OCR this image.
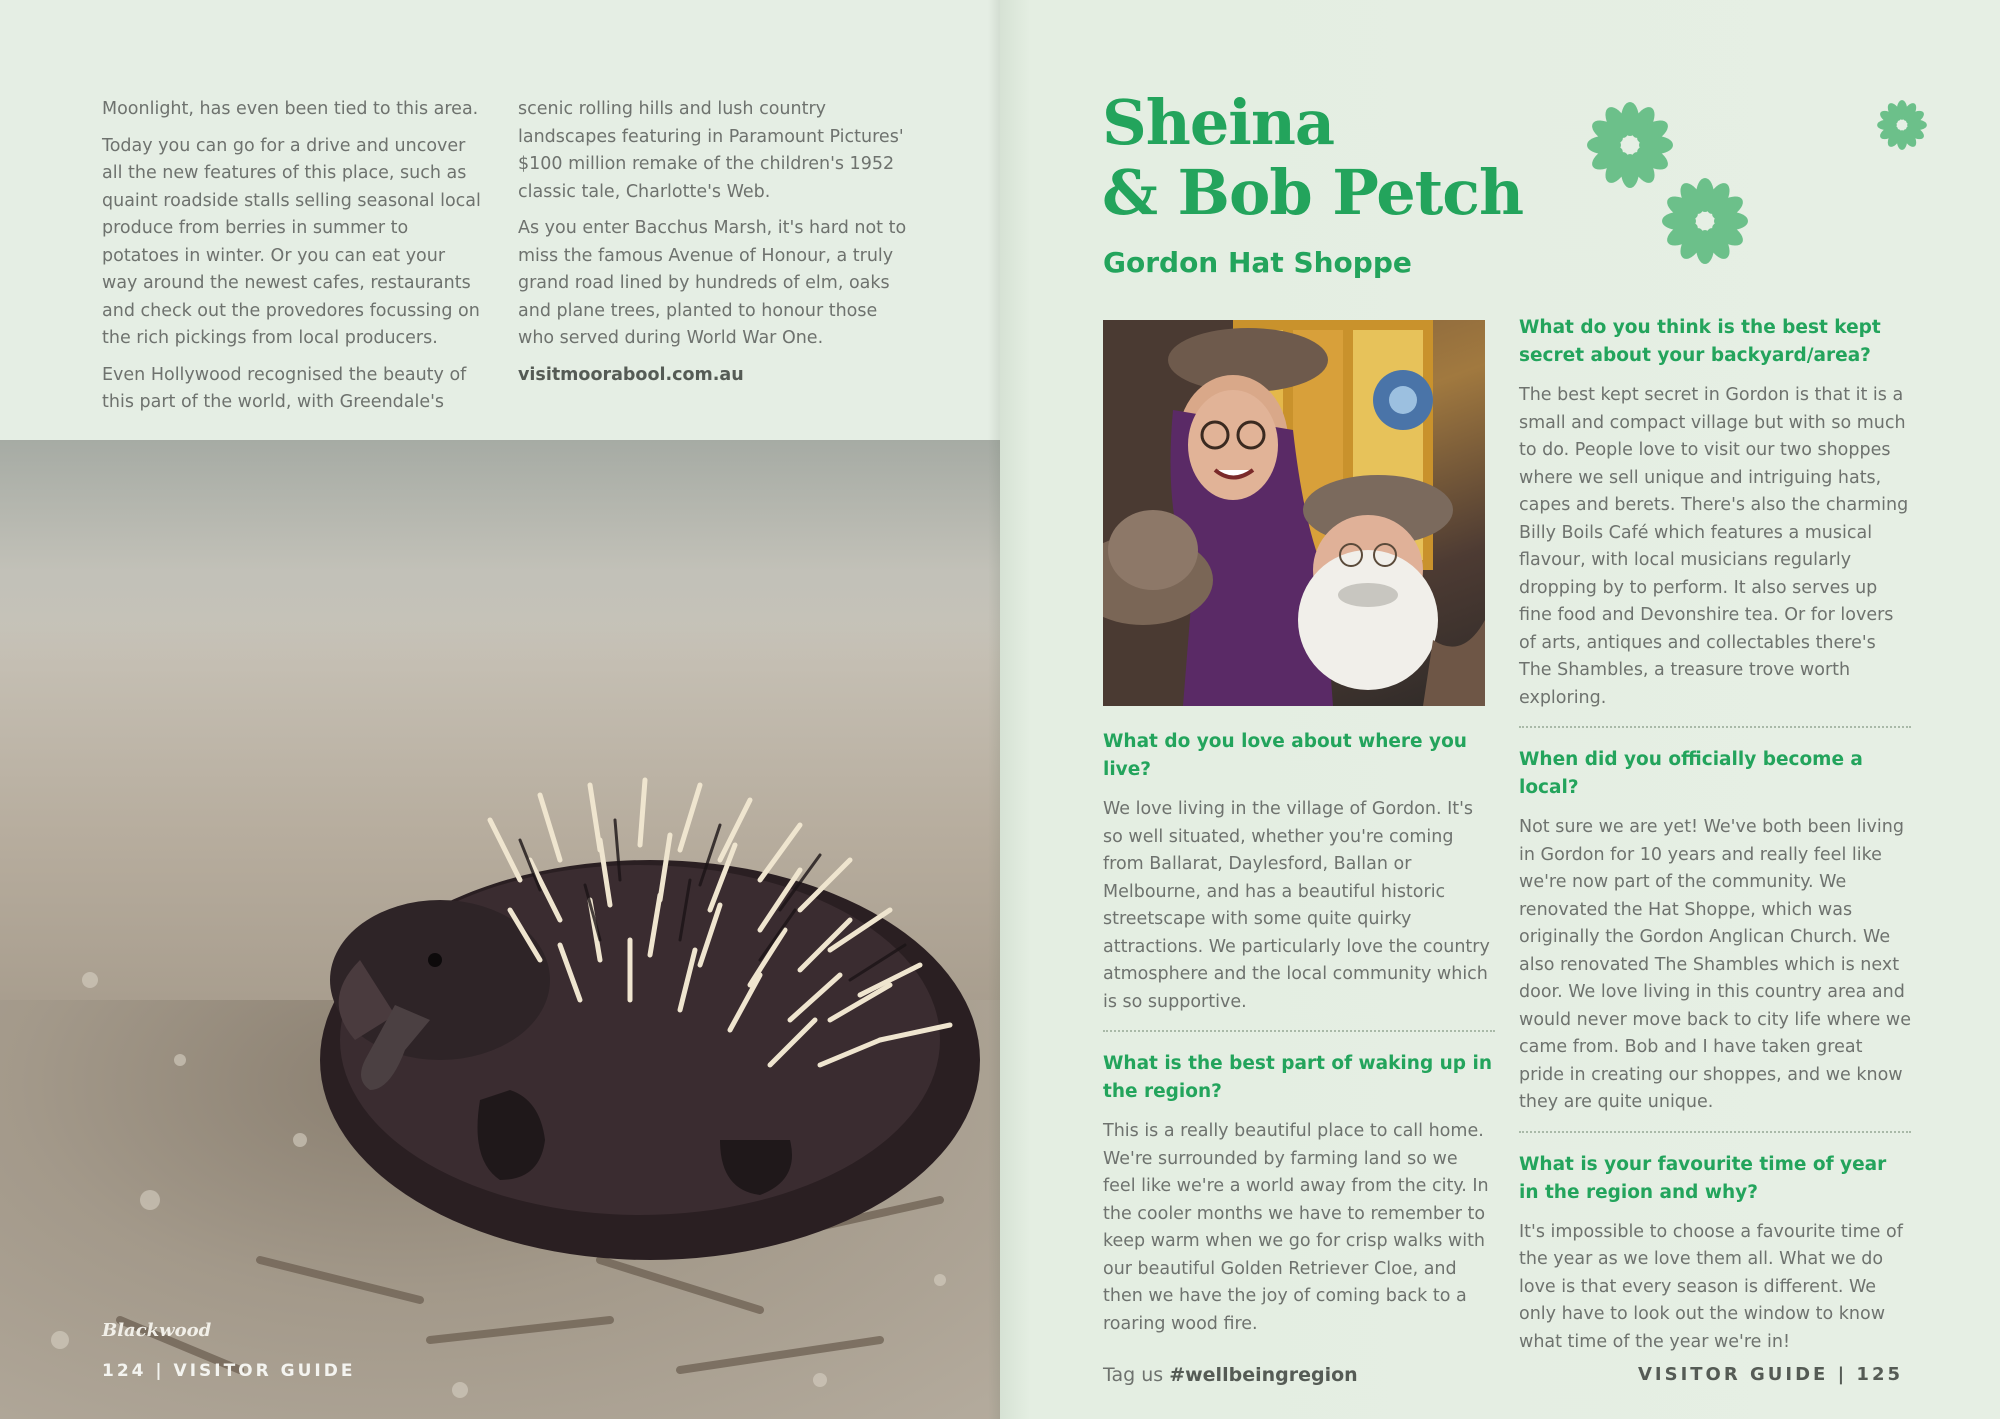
Moonlight, has even been tied to this area.

Today you can go for a drive and uncover all the new features of this place, such as quaint roadside stalls selling seasonal local produce from berries in summer to potatoes in winter. Or you can eat your way around the newest cafes, restaurants and check out the provedores focussing on the rich pickings from local producers.

Even Hollywood recognised the beauty of this part of the world, with Greendale's

scenic rolling hills and lush country landscapes featuring in Paramount Pictures' $100 million remake of the children's 1952 classic tale, Charlotte's Web.

As you enter Bacchus Marsh, it's hard not to miss the famous Avenue of Honour, a truly grand road lined by hundreds of elm, oaks and plane trees, planted to honour those who served during World War One.

visitmoorabool.com.au

Blackwood
124 | VISITOR GUIDE
Sheina
& Bob Petch
Gordon Hat Shoppe
What do you love about where you live?
We love living in the village of Gordon. It's so well situated, whether you're coming from Ballarat, Daylesford, Ballan or Melbourne, and has a beautiful historic streetscape with some quite quirky attractions. We particularly love the country atmosphere and the local community which is so supportive.
What is the best part of waking up in the region?
This is a really beautiful place to call home. We're surrounded by farming land so we feel like we're a world away from the city. In the cooler months we have to remember to keep warm when we go for crisp walks with our beautiful Golden Retriever Cloe, and then we have the joy of coming back to a roaring wood fire.
What do you think is the best kept secret about your backyard/area?
The best kept secret in Gordon is that it is a small and compact village but with so much to do. People love to visit our two shoppes where we sell unique and intriguing hats, capes and berets. There's also the charming Billy Boils Café which features a musical flavour, with local musicians regularly dropping by to perform. It also serves up fine food and Devonshire tea. Or for lovers of arts, antiques and collectables there's The Shambles, a treasure trove worth exploring.
When did you officially become a local?
Not sure we are yet! We've both been living in Gordon for 10 years and really feel like we're now part of the community. We renovated the Hat Shoppe, which was originally the Gordon Anglican Church. We also renovated The Shambles which is next door. We love living in this country area and would never move back to city life where we came from. Bob and I have taken great pride in creating our shoppes, and we know they are quite unique.
What is your favourite time of year in the region and why?
It's impossible to choose a favourite time of the year as we love them all. What we do love is that every season is different. We only have to look out the window to know what time of the year we're in!
Tag us #wellbeingregion	VISITOR GUIDE | 125
